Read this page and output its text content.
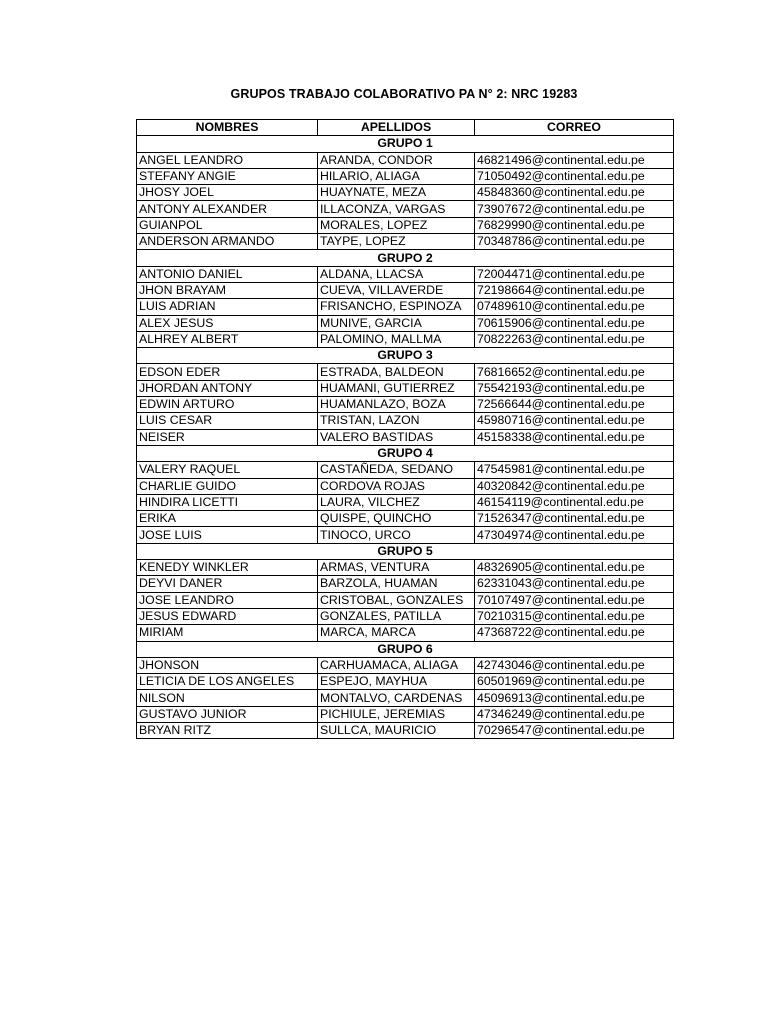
GRUPOS TRABAJO COLABORATIVO PA N° 2: NRC 19283
NOMBRES	APELLIDOS	CORREO
GRUPO 1		
ANGEL LEANDRO	ARANDA, CONDOR	46821496@continental.edu.pe
STEFANY ANGIE	HILARIO, ALIAGA	71050492@continental.edu.pe
JHOSY JOEL	HUAYNATE, MEZA	45848360@continental.edu.pe
ANTONY ALEXANDER	ILLACONZA, VARGAS	73907672@continental.edu.pe
GUIANPOL	MORALES, LOPEZ	76829990@continental.edu.pe
ANDERSON ARMANDO	TAYPE, LOPEZ	70348786@continental.edu.pe
GRUPO 2		
ANTONIO DANIEL	ALDANA, LLACSA	72004471@continental.edu.pe
JHON BRAYAM	CUEVA, VILLAVERDE	72198664@continental.edu.pe
LUIS ADRIAN	FRISANCHO, ESPINOZA	07489610@continental.edu.pe
ALEX JESUS	MUNIVE, GARCIA	70615906@continental.edu.pe
ALHREY ALBERT	PALOMINO, MALLMA	70822263@continental.edu.pe
GRUPO 3		
EDSON EDER	ESTRADA, BALDEON	76816652@continental.edu.pe
JHORDAN ANTONY	HUAMANI, GUTIERREZ	75542193@continental.edu.pe
EDWIN ARTURO	HUAMANLAZO, BOZA	72566644@continental.edu.pe
LUIS CESAR	TRISTAN, LAZON	45980716@continental.edu.pe
NEISER	VALERO BASTIDAS	45158338@continental.edu.pe
GRUPO 4		
VALERY RAQUEL	CASTAÑEDA, SEDANO	47545981@continental.edu.pe
CHARLIE GUIDO	CORDOVA ROJAS	40320842@continental.edu.pe
HINDIRA LICETTI	LAURA, VILCHEZ	46154119@continental.edu.pe
ERIKA	QUISPE, QUINCHO	71526347@continental.edu.pe
JOSE LUIS	TINOCO, URCO	47304974@continental.edu.pe
GRUPO 5		
KENEDY WINKLER	ARMAS, VENTURA	48326905@continental.edu.pe
DEYVI DANER	BARZOLA, HUAMAN	62331043@continental.edu.pe
JOSE LEANDRO	CRISTOBAL, GONZALES	70107497@continental.edu.pe
JESUS EDWARD	GONZALES, PATILLA	70210315@continental.edu.pe
MIRIAM	MARCA, MARCA	47368722@continental.edu.pe
GRUPO 6		
JHONSON	CARHUAMACA, ALIAGA	42743046@continental.edu.pe
LETICIA DE LOS ANGELES	ESPEJO, MAYHUA	60501969@continental.edu.pe
NILSON	MONTALVO, CARDENAS	45096913@continental.edu.pe
GUSTAVO JUNIOR	PICHIULE, JEREMIAS	47346249@continental.edu.pe
BRYAN RITZ	SULLCA, MAURICIO	70296547@continental.edu.pe
